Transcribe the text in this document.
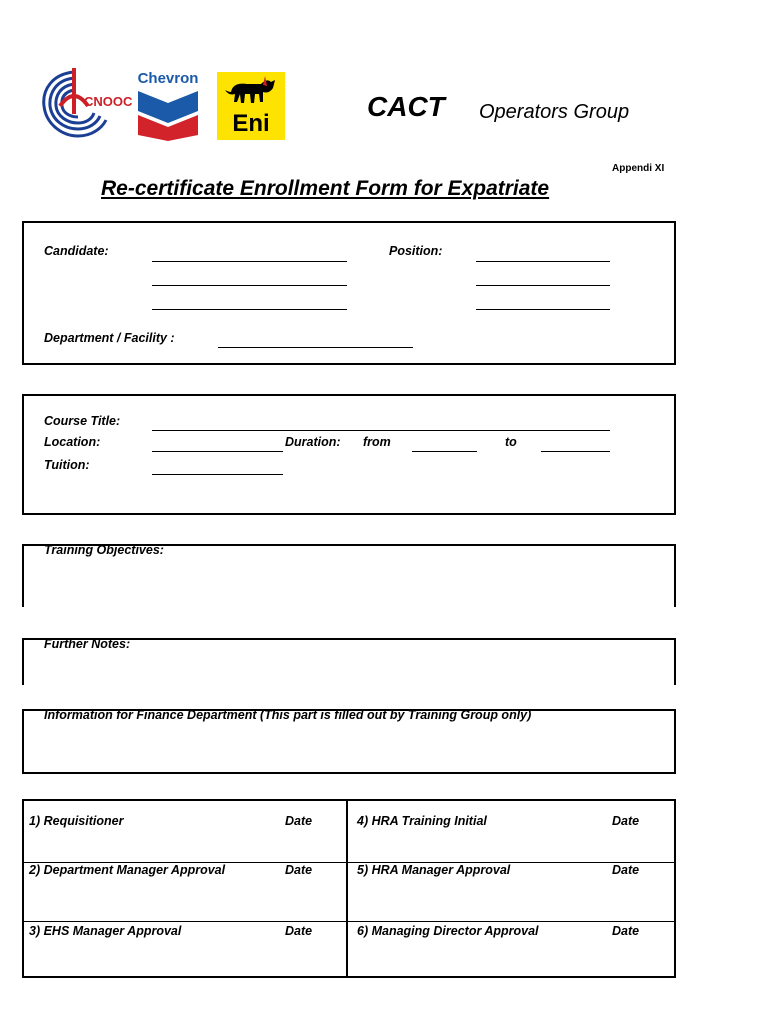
CNOOC
Chevron
Eni
CACT Operators Group
Appendi XI
Re-certificate Enrollment Form for Expatriate
Candidate:	Position:
Department / Facility :
Course Title:
Location:	Duration: from	to
Tuition:
Training Objectives:
Further Notes:
Information for Finance Department (This part is filled out by Training Group only)
1) Requisitioner	Date
2) Department Manager Approval	Date
3) EHS Manager Approval	Date
4) HRA Training Initial	Date
5) HRA Manager Approval	Date
6) Managing Director Approval	Date
